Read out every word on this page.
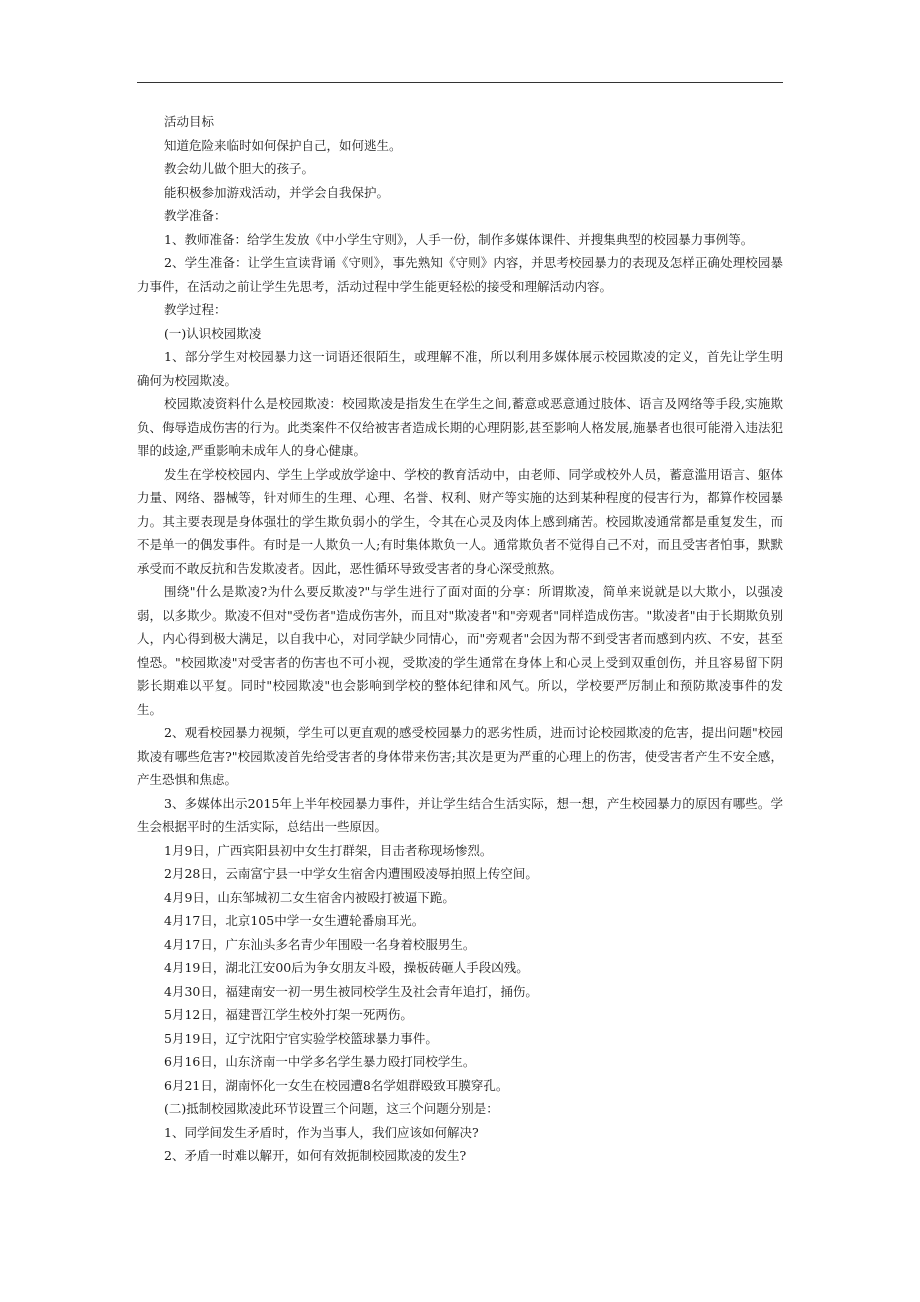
活动目标

知道危险来临时如何保护自己，如何逃生。

教会幼儿做个胆大的孩子。

能积极参加游戏活动，并学会自我保护。

教学准备：

1、教师准备：给学生发放《中小学生守则》，人手一份，制作多媒体课件、并搜集典型的校园暴力事例等。

2、学生准备：让学生宣读背诵《守则》，事先熟知《守则》内容，并思考校园暴力的表现及怎样正确处理校园暴力事件，在活动之前让学生先思考，活动过程中学生能更轻松的接受和理解活动内容。

教学过程：

(一)认识校园欺凌

1、部分学生对校园暴力这一词语还很陌生，或理解不准，所以利用多媒体展示校园欺凌的定义，首先让学生明确何为校园欺凌。

校园欺凌资料什么是校园欺凌：校园欺凌是指发生在学生之间,蓄意或恶意通过肢体、语言及网络等手段,实施欺负、侮辱造成伤害的行为。此类案件不仅给被害者造成长期的心理阴影,甚至影响人格发展,施暴者也很可能滑入违法犯罪的歧途,严重影响未成年人的身心健康。

发生在学校校园内、学生上学或放学途中、学校的教育活动中，由老师、同学或校外人员，蓄意滥用语言、躯体力量、网络、器械等，针对师生的生理、心理、名誉、权利、财产等实施的达到某种程度的侵害行为，都算作校园暴力。其主要表现是身体强壮的学生欺负弱小的学生，令其在心灵及肉体上感到痛苦。校园欺凌通常都是重复发生，而不是单一的偶发事件。有时是一人欺负一人;有时集体欺负一人。通常欺负者不觉得自己不对，而且受害者怕事，默默承受而不敢反抗和告发欺凌者。因此，恶性循环导致受害者的身心深受煎熬。

围绕"什么是欺凌?为什么要反欺凌?"与学生进行了面对面的分享：所谓欺凌，简单来说就是以大欺小，以强凌弱，以多欺少。欺凌不但对"受伤者"造成伤害外，而且对"欺凌者"和"旁观者"同样造成伤害。"欺凌者"由于长期欺负别人，内心得到极大满足，以自我中心，对同学缺少同情心，而"旁观者"会因为帮不到受害者而感到内疚、不安，甚至惶恐。"校园欺凌"对受害者的伤害也不可小视，受欺凌的学生通常在身体上和心灵上受到双重创伤，并且容易留下阴影长期难以平复。同时"校园欺凌"也会影响到学校的整体纪律和风气。所以，学校要严厉制止和预防欺凌事件的发生。

2、观看校园暴力视频，学生可以更直观的感受校园暴力的恶劣性质，进而讨论校园欺凌的危害，提出问题"校园欺凌有哪些危害?"校园欺凌首先给受害者的身体带来伤害;其次是更为严重的心理上的伤害，使受害者产生不安全感，产生恐惧和焦虑。

3、多媒体出示2015年上半年校园暴力事件，并让学生结合生活实际，想一想，产生校园暴力的原因有哪些。学生会根据平时的生活实际，总结出一些原因。

1月9日，广西宾阳县初中女生打群架，目击者称现场惨烈。

2月28日，云南富宁县一中学女生宿舍内遭围殴凌辱拍照上传空间。

4月9日，山东邹城初二女生宿舍内被殴打被逼下跪。

4月17日，北京105中学一女生遭轮番扇耳光。

4月17日，广东汕头多名青少年围殴一名身着校服男生。

4月19日，湖北江安00后为争女朋友斗殴，操板砖砸人手段凶残。

4月30日，福建南安一初一男生被同校学生及社会青年追打，捅伤。

5月12日，福建晋江学生校外打架一死两伤。

5月19日，辽宁沈阳宁官实验学校篮球暴力事件。

6月16日，山东济南一中学多名学生暴力殴打同校学生。

6月21日，湖南怀化一女生在校园遭8名学姐群殴致耳膜穿孔。

(二)抵制校园欺凌此环节设置三个问题，这三个问题分别是：

1、同学间发生矛盾时，作为当事人，我们应该如何解决?

2、矛盾一时难以解开，如何有效扼制校园欺凌的发生?
